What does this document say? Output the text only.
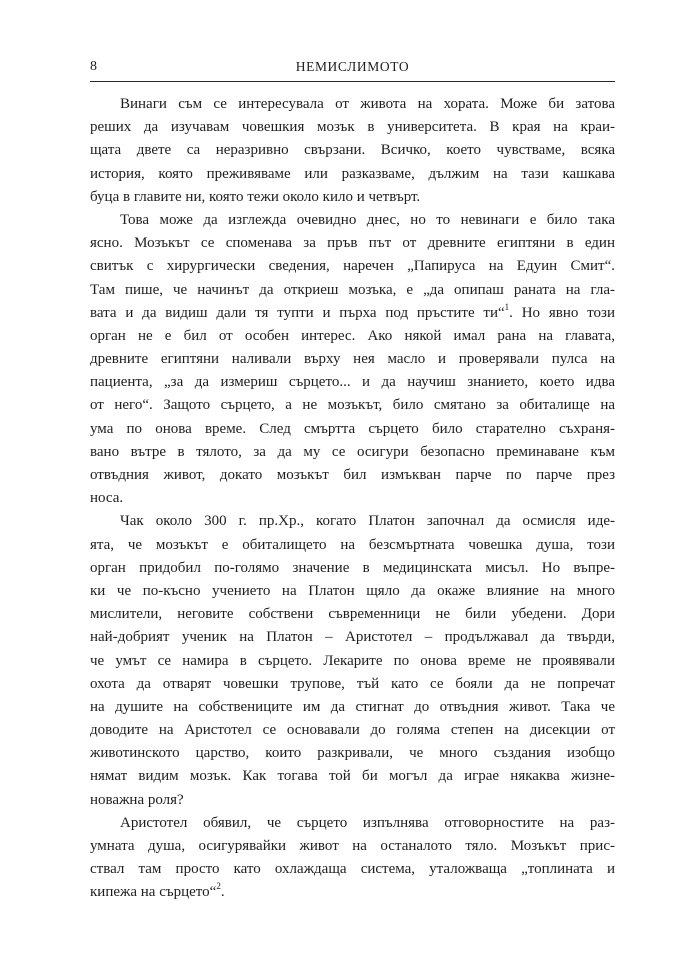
8	НЕМИСЛИМОТО
Винаги съм се интересувала от живота на хората. Може би затова
реших да изучавам човешкия мозък в университета. В края на краи-
щата двете са неразривно свързани. Всичко, което чувстваме, всяка
история, която преживяваме или разказваме, дължим на тази кашкава
буца в главите ни, която тежи около кило и четвърт.
Това може да изглежда очевидно днес, но то невинаги е било така
ясно. Мозъкът се споменава за пръв път от древните египтяни в един
свитък с хирургически сведения, наречен „Папируса на Едуин Смит“.
Там пише, че начинът да откриеш мозъка, е „да опипаш раната на гла-
вата и да видиш дали тя тупти и пърха под пръстите ти“$^1$. Но явно този
орган не е бил от особен интерес. Ако някой имал рана на главата,
древните египтяни наливали върху нея масло и проверявали пулса на
пациента, „за да измериш сърцето... и да научиш знанието, което идва
от него“. Защото сърцето, а не мозъкът, било смятано за обиталище на
ума по онова време. След смъртта сърцето било старателно съхраня-
вано вътре в тялото, за да му се осигури безопасно преминаване към
отвъдния живот, докато мозъкът бил измъкван парче по парче през
носа.
Чак около 300 г. пр.Хр., когато Платон започнал да осмисля иде-
ята, че мозъкът е обиталището на безсмъртната човешка душа, този
орган придобил по-голямо значение в медицинската мисъл. Но въпре-
ки че по-късно учението на Платон щяло да окаже влияние на много
мислители, неговите собствени съвременници не били убедени. Дори
най-добрият ученик на Платон – Аристотел – продължавал да твърди,
че умът се намира в сърцето. Лекарите по онова време не проявявали
охота да отварят човешки трупове, тъй като се бояли да не попречат
на душите на собствениците им да стигнат до отвъдния живот. Така че
доводите на Аристотел се основавали до голяма степен на дисекции от
животинското царство, които разкривали, че много създания изобщо
нямат видим мозък. Как тогава той би могъл да играе някаква жизне-
новажна роля?
Аристотел обявил, че сърцето изпълнява отговорностите на раз-
умната душа, осигурявайки живот на останалото тяло. Мозъкът прис-
ствал там просто като охлаждаща система, уталожваща „топлината и
кипежа на сърцето“$^2$.
